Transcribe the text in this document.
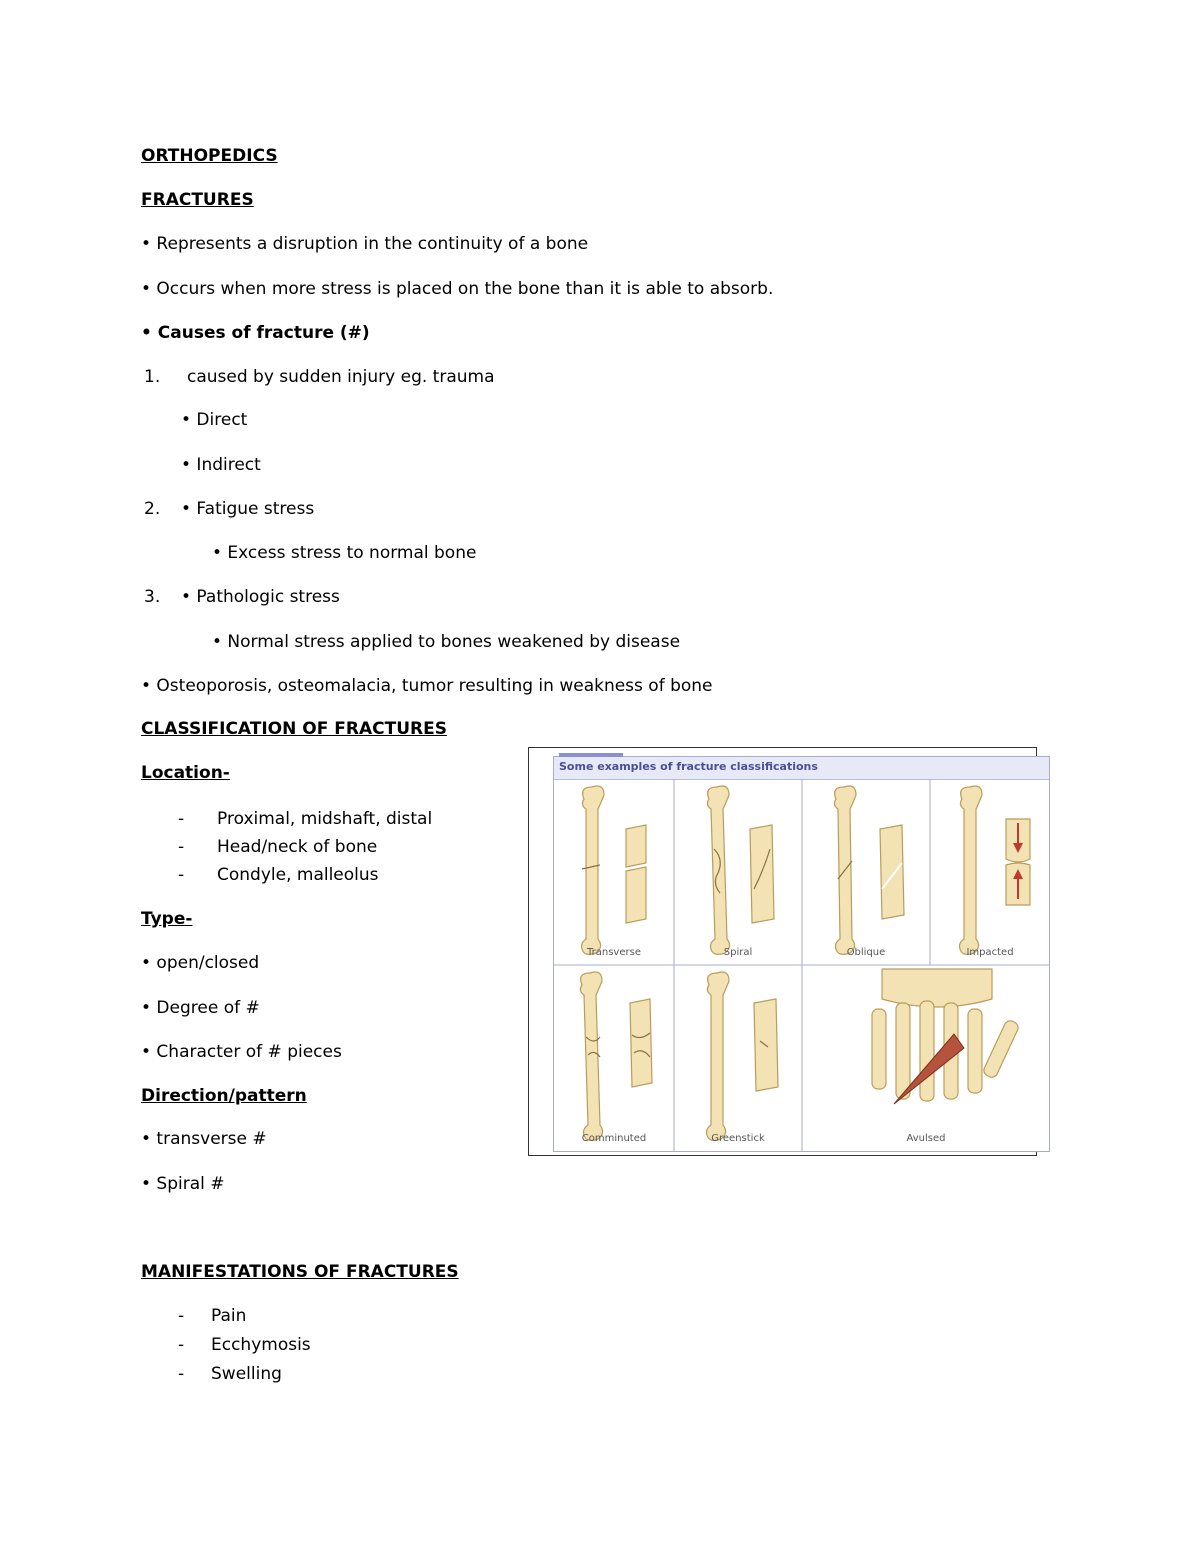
ORTHOPEDICS
FRACTURES
• Represents a disruption in the continuity of a bone
• Occurs when more stress is placed on the bone than it is able to absorb.
• Causes of fracture (#)
1. caused by sudden injury eg. trauma
• Direct
• Indirect
2. • Fatigue stress
• Excess stress to normal bone
3. • Pathologic stress
• Normal stress applied to bones weakened by disease
• Osteoporosis, osteomalacia, tumor resulting in weakness of bone
CLASSIFICATION OF FRACTURES
Location-
- Proximal, midshaft, distal
- Head/neck of bone
- Condyle, malleolus
Type-
• open/closed
• Degree of #
• Character of # pieces
Direction/pattern
• transverse #
• Spiral #
MANIFESTATIONS OF FRACTURES
- Pain
- Ecchymosis
- Swelling
Some examples of fracture classifications
Transverse	Spiral	Oblique	Impacted
Comminuted	Greenstick	Avulsed
